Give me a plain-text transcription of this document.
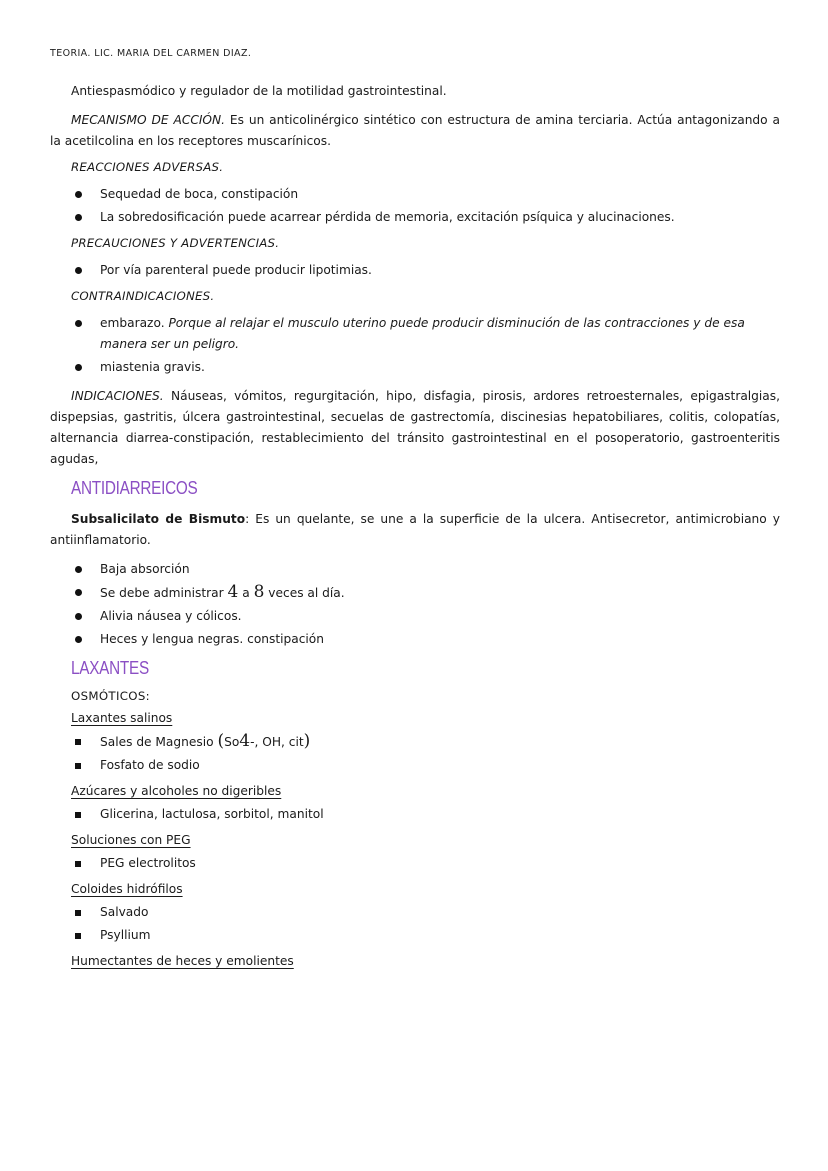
TEORIA. LIC. MARIA DEL CARMEN DIAZ.

Antiespasmódico y regulador de la motilidad gastrointestinal.

MECANISMO DE ACCIÓN. Es un anticolinérgico sintético con estructura de amina terciaria. Actúa antagonizando a la acetilcolina en los receptores muscarínicos.

REACCIONES ADVERSAS.
Sequedad de boca, constipación
La sobredosificación puede acarrear pérdida de memoria, excitación psíquica y alucinaciones.
PRECAUCIONES Y ADVERTENCIAS.
Por vía parenteral puede producir lipotimias.
CONTRAINDICACIONES.
embarazo. Porque al relajar el musculo uterino puede producir disminución de las contracciones y de esa manera ser un peligro.
miastenia gravis.

INDICACIONES. Náuseas, vómitos, regurgitación, hipo, disfagia, pirosis, ardores retroesternales, epigastralgias, dispepsias, gastritis, úlcera gastrointestinal, secuelas de gastrectomía, discinesias hepatobiliares, colitis, colopatías, alternancia diarrea-constipación, restablecimiento del tránsito gastrointestinal en el posoperatorio, gastroenteritis agudas,

ANTIDIARREICOS

Subsalicilato de Bismuto: Es un quelante, se une a la superficie de la ulcera. Antisecretor, antimicrobiano y antiinflamatorio.

Baja absorción
Se debe administrar 4 a 8 veces al día.
Alivia náusea y cólicos.
Heces y lengua negras. constipación
LAXANTES
OSMÓTICOS:
Laxantes salinos
Sales de Magnesio (So4-, OH, cit)
Fosfato de sodio
Azúcares y alcoholes no digeribles
Glicerina, lactulosa, sorbitol, manitol
Soluciones con PEG
PEG electrolitos
Coloides hidrófilos
Salvado
Psyllium
Humectantes de heces y emolientes
